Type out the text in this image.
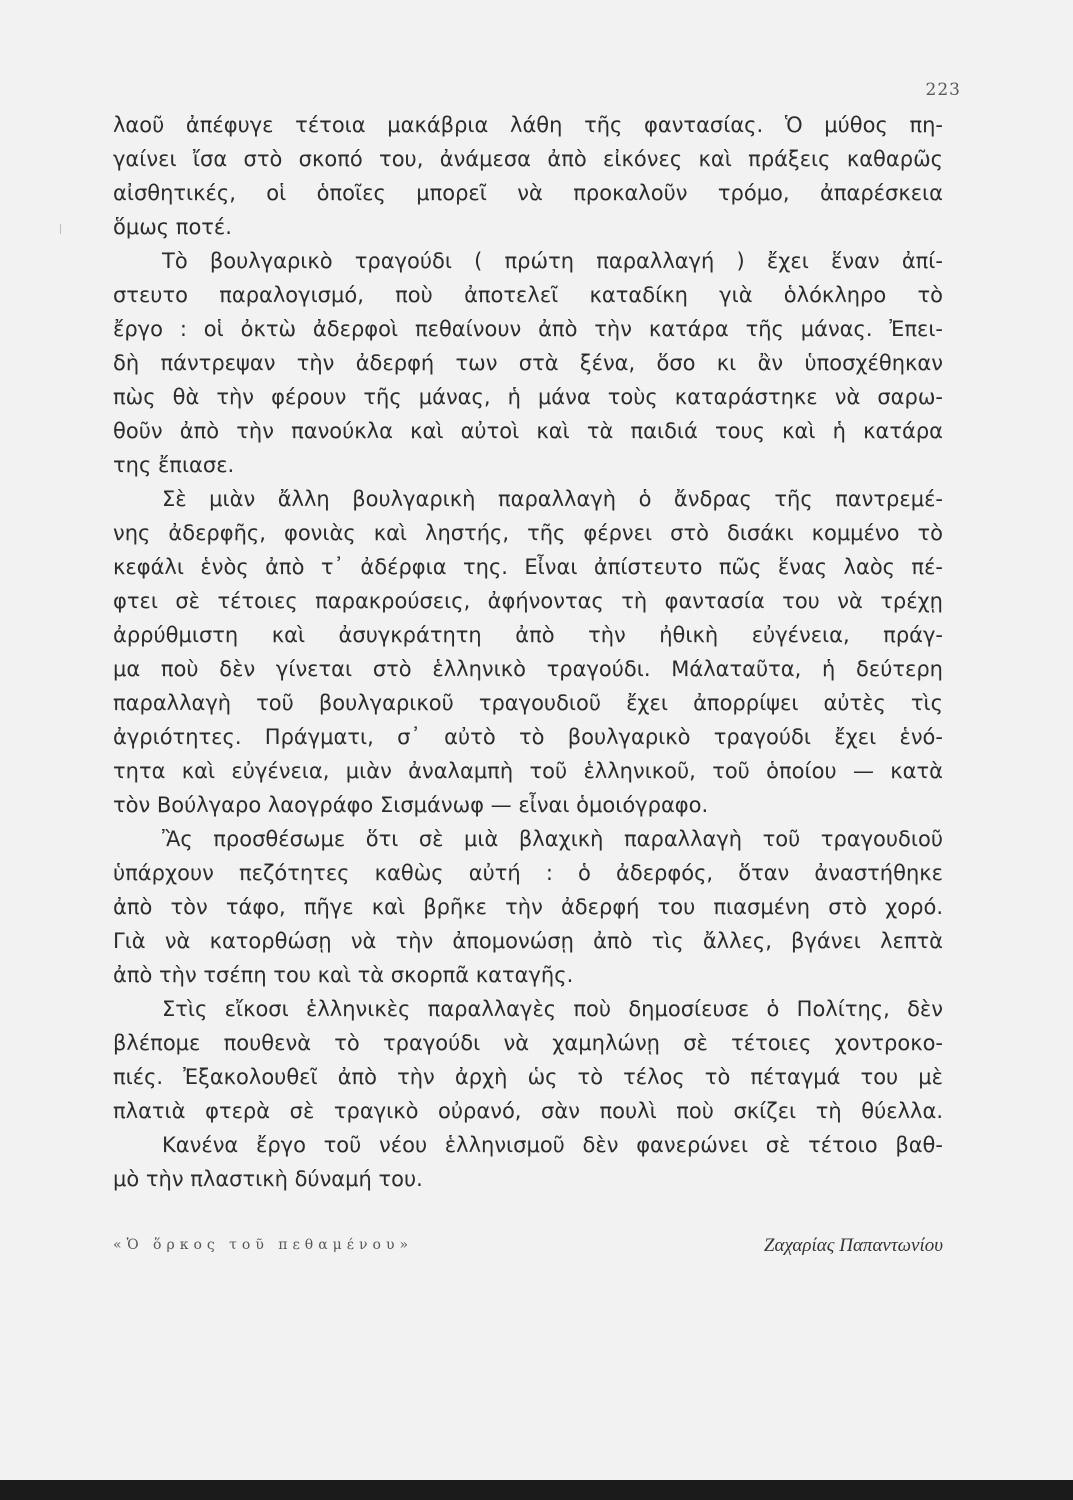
223
λαοῦ ἀπέφυγε τέτοια μακάβρια λάθη τῆς φαντασίας. Ὁ μύθος πη-
γαίνει ἴσα στὸ σκοπό του, ἀνάμεσα ἀπὸ εἰκόνες καὶ πράξεις καθαρῶς
αἰσθητικές, οἱ ὁποῖες μπορεῖ νὰ προκαλοῦν τρόμο, ἀπαρέσκεια
ὅμως ποτέ.
Τὸ βουλγαρικὸ τραγούδι ( πρώτη παραλλαγή ) ἔχει ἕναν ἀπί-
στευτο παραλογισμό, ποὺ ἀποτελεῖ καταδίκη γιὰ ὁλόκληρο τὸ
ἔργο : οἱ ὀκτὼ ἀδερφοὶ πεθαίνουν ἀπὸ τὴν κατάρα τῆς μάνας. Ἐπει-
δὴ πάντρεψαν τὴν ἀδερφή των στὰ ξένα, ὅσο κι ἂν ὑποσχέθηκαν
πὼς θὰ τὴν φέρουν τῆς μάνας, ἡ μάνα τοὺς καταράστηκε νὰ σαρω-
θοῦν ἀπὸ τὴν πανούκλα καὶ αὐτοὶ καὶ τὰ παιδιά τους καὶ ἡ κατάρα
της ἔπιασε.
Σὲ μιὰν ἄλλη βουλγαρικὴ παραλλαγὴ ὁ ἄνδρας τῆς παντρεμέ-
νης ἀδερφῆς, φονιὰς καὶ ληστής, τῆς φέρνει στὸ δισάκι κομμένο τὸ
κεφάλι ἑνὸς ἀπὸ τ᾿ ἀδέρφια της. Εἶναι ἀπίστευτο πῶς ἕνας λαὸς πέ-
φτει σὲ τέτοιες παρακρούσεις, ἀφήνοντας τὴ φαντασία του νὰ τρέχῃ
ἀρρύθμιστη καὶ ἀσυγκράτητη ἀπὸ τὴν ἠθικὴ εὐγένεια, πράγ-
μα ποὺ δὲν γίνεται στὸ ἑλληνικὸ τραγούδι. Μάλαταῦτα, ἡ δεύτερη
παραλλαγὴ τοῦ βουλγαρικοῦ τραγουδιοῦ ἔχει ἀπορρίψει αὐτὲς τὶς
ἀγριότητες. Πράγματι, σ᾿ αὐτὸ τὸ βουλγαρικὸ τραγούδι ἔχει ἑνό-
τητα καὶ εὐγένεια, μιὰν ἀναλαμπὴ τοῦ ἑλληνικοῦ, τοῦ ὁποίου — κατὰ
τὸν Βούλγαρο λαογράφο Σισμάνωφ — εἶναι ὁμοιόγραφο.
Ἂς προσθέσωμε ὅτι σὲ μιὰ βλαχικὴ παραλλαγὴ τοῦ τραγουδιοῦ
ὑπάρχουν πεζότητες καθὼς αὐτή : ὁ ἀδερφός, ὅταν ἀναστήθηκε
ἀπὸ τὸν τάφο, πῆγε καὶ βρῆκε τὴν ἀδερφή του πιασμένη στὸ χορό.
Γιὰ νὰ κατορθώσῃ νὰ τὴν ἀπομονώσῃ ἀπὸ τὶς ἄλλες, βγάνει λεπτὰ
ἀπὸ τὴν τσέπη του καὶ τὰ σκορπᾶ καταγῆς.
Στὶς εἴκοσι ἑλληνικὲς παραλλαγὲς ποὺ δημοσίευσε ὁ Πολίτης, δὲν
βλέπομε πουθενὰ τὸ τραγούδι νὰ χαμηλώνῃ σὲ τέτοιες χοντροκο-
πιές. Ἐξακολουθεῖ ἀπὸ τὴν ἀρχὴ ὡς τὸ τέλος τὸ πέταγμά του μὲ
πλατιὰ φτερὰ σὲ τραγικὸ οὐρανό, σὰν πουλὶ ποὺ σκίζει τὴ θύελλα.
Κανένα ἔργο τοῦ νέου ἑλληνισμοῦ δὲν φανερώνει σὲ τέτοιο βαθ-
μὸ τὴν πλαστικὴ δύναμή του.
«Ὁ ὅρκος τοῦ πεθαμένου»	Ζαχαρίας Παπαντωνίου
